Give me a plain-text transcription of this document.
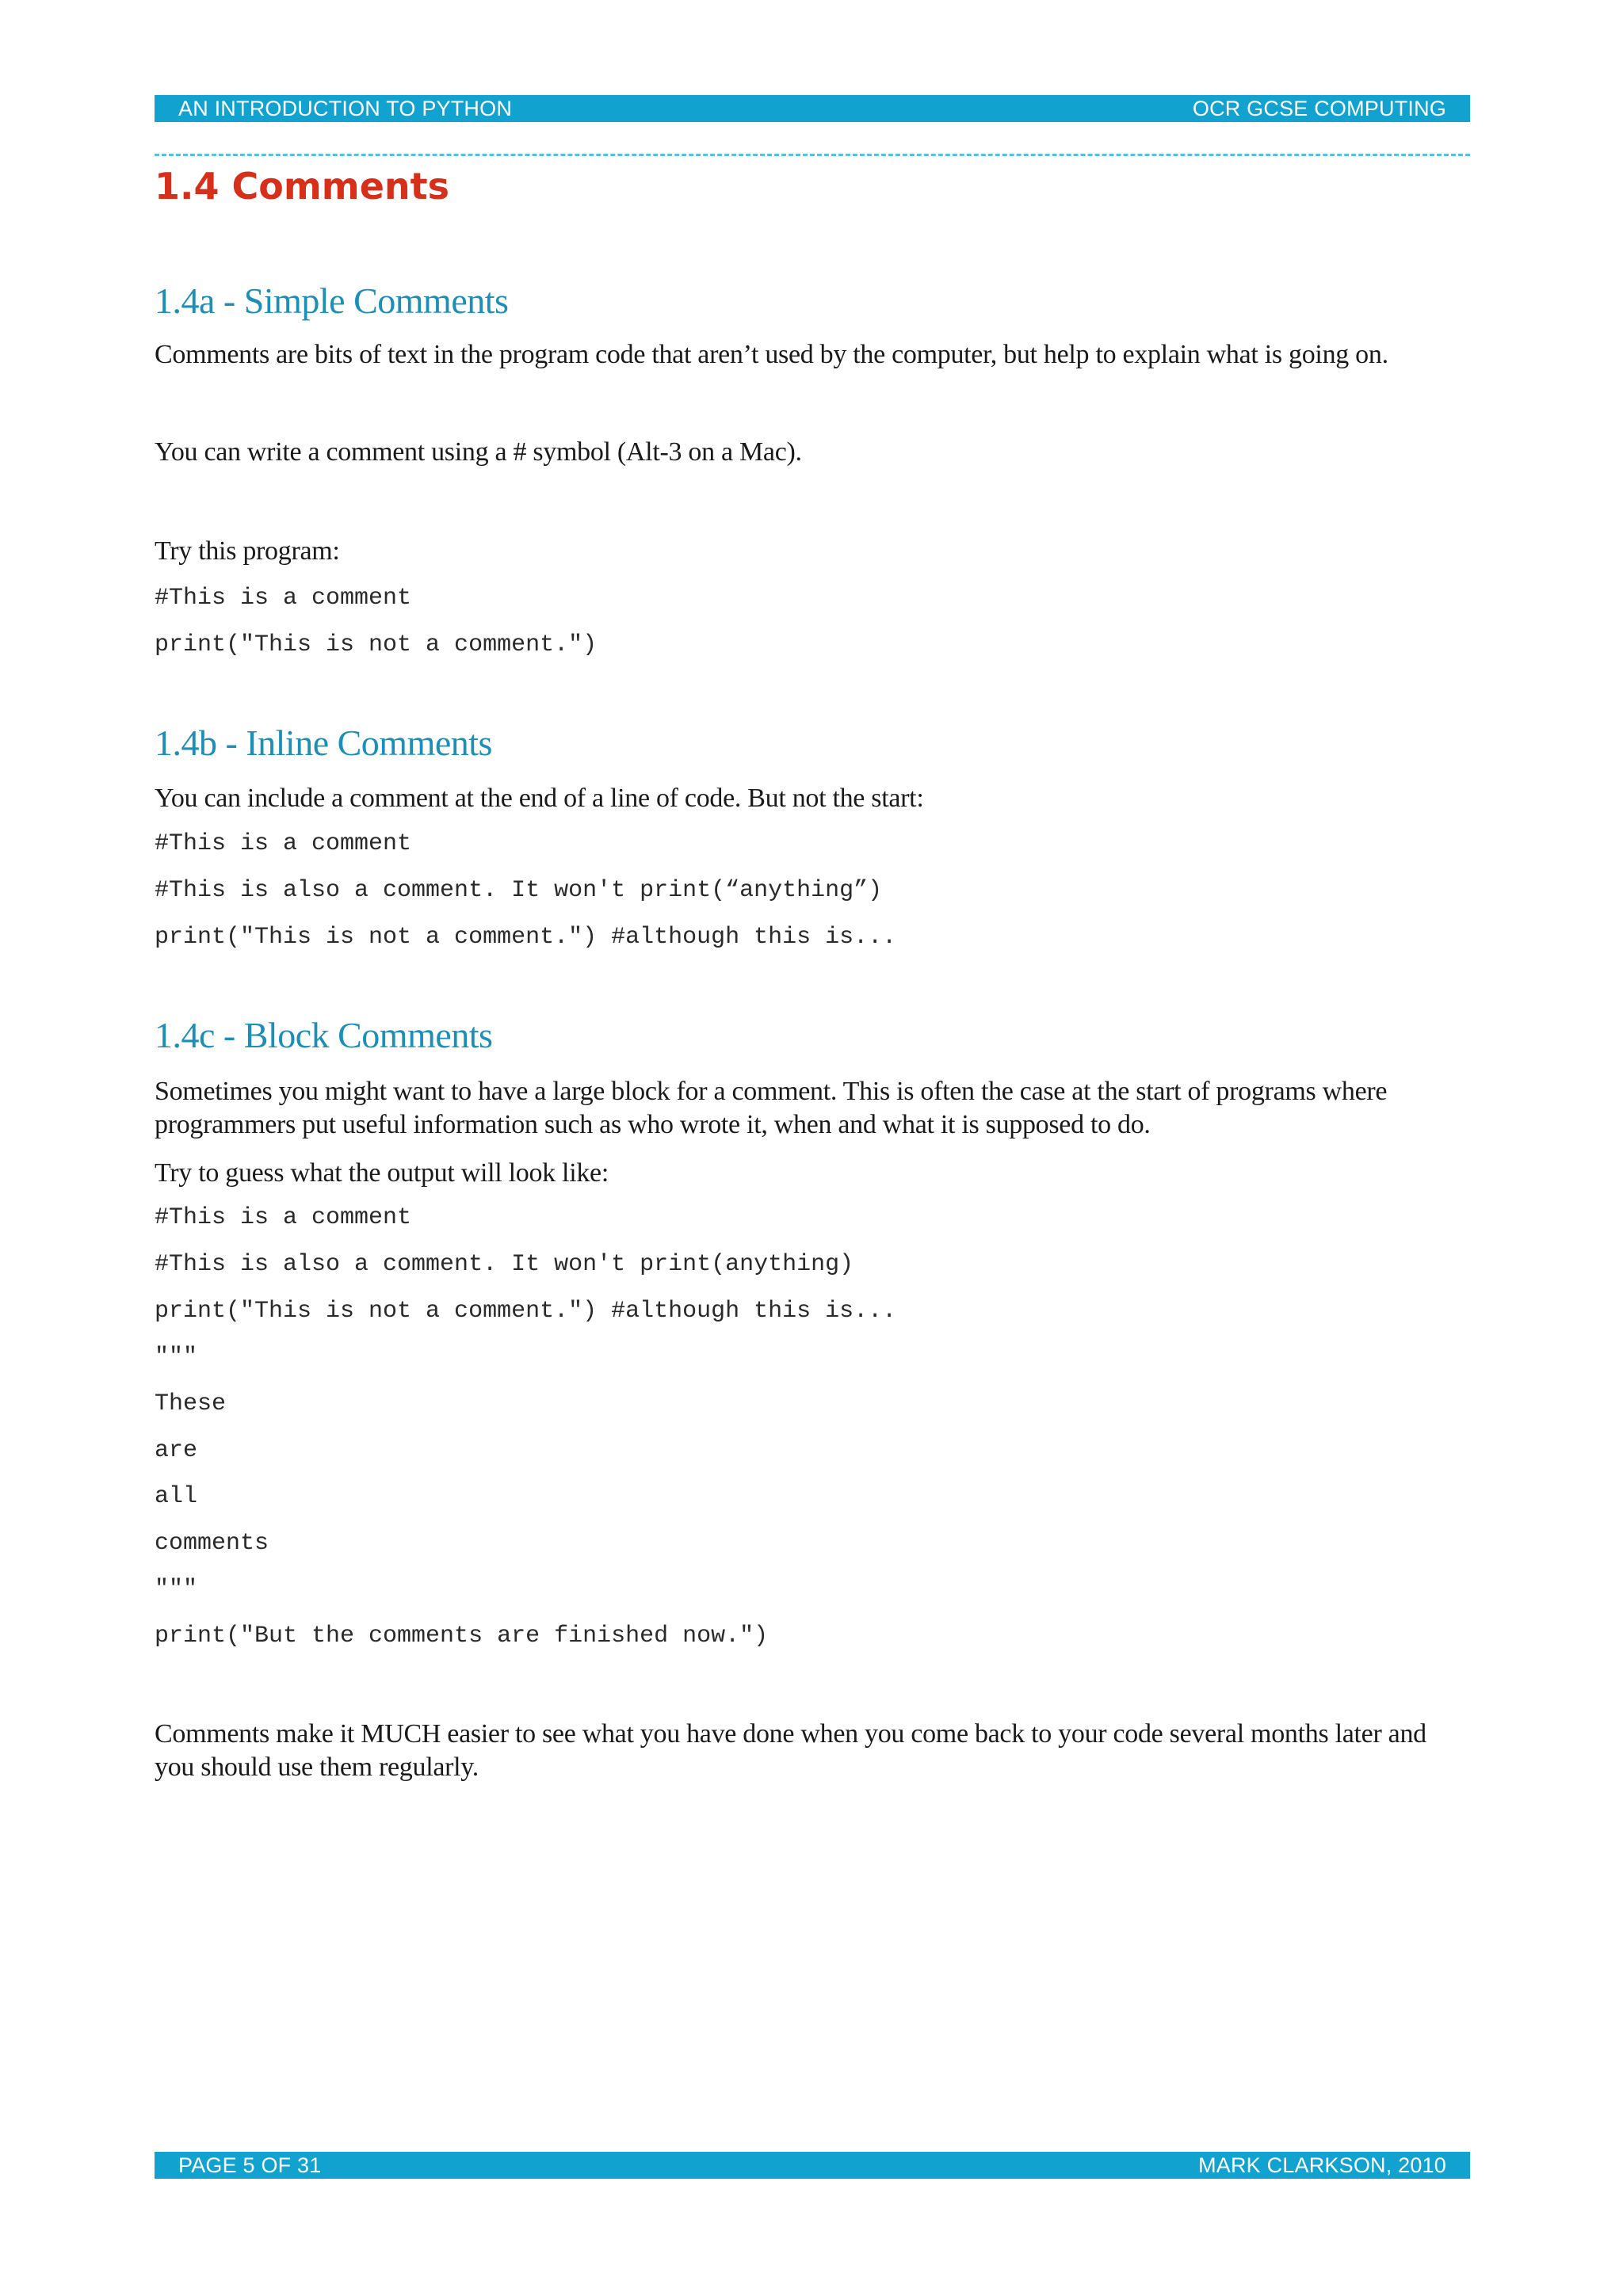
AN INTRODUCTION TO PYTHON	OCR GCSE COMPUTING
1.4 Comments
1.4a - Simple Comments

Comments are bits of text in the program code that aren’t used by the computer, but help to explain what is going on.

You can write a comment using a # symbol (Alt-3 on a Mac).

Try this program:

#This is a comment
print("This is not a comment.")
1.4b - Inline Comments

You can include a comment at the end of a line of code. But not the start:

#This is a comment
#This is also a comment. It won't print(“anything”)
print("This is not a comment.") #although this is...
1.4c - Block Comments

Sometimes you might want to have a large block for a comment. This is often the case at the start of programs where programmers put useful information such as who wrote it, when and what it is supposed to do.

Try to guess what the output will look like:

#This is a comment
#This is also a comment. It won't print(anything)
print("This is not a comment.") #although this is...
"""
These
are
all
comments
"""
print("But the comments are finished now.")

Comments make it MUCH easier to see what you have done when you come back to your code several months later and you should use them regularly.

PAGE 5 OF 31	MARK CLARKSON, 2010
